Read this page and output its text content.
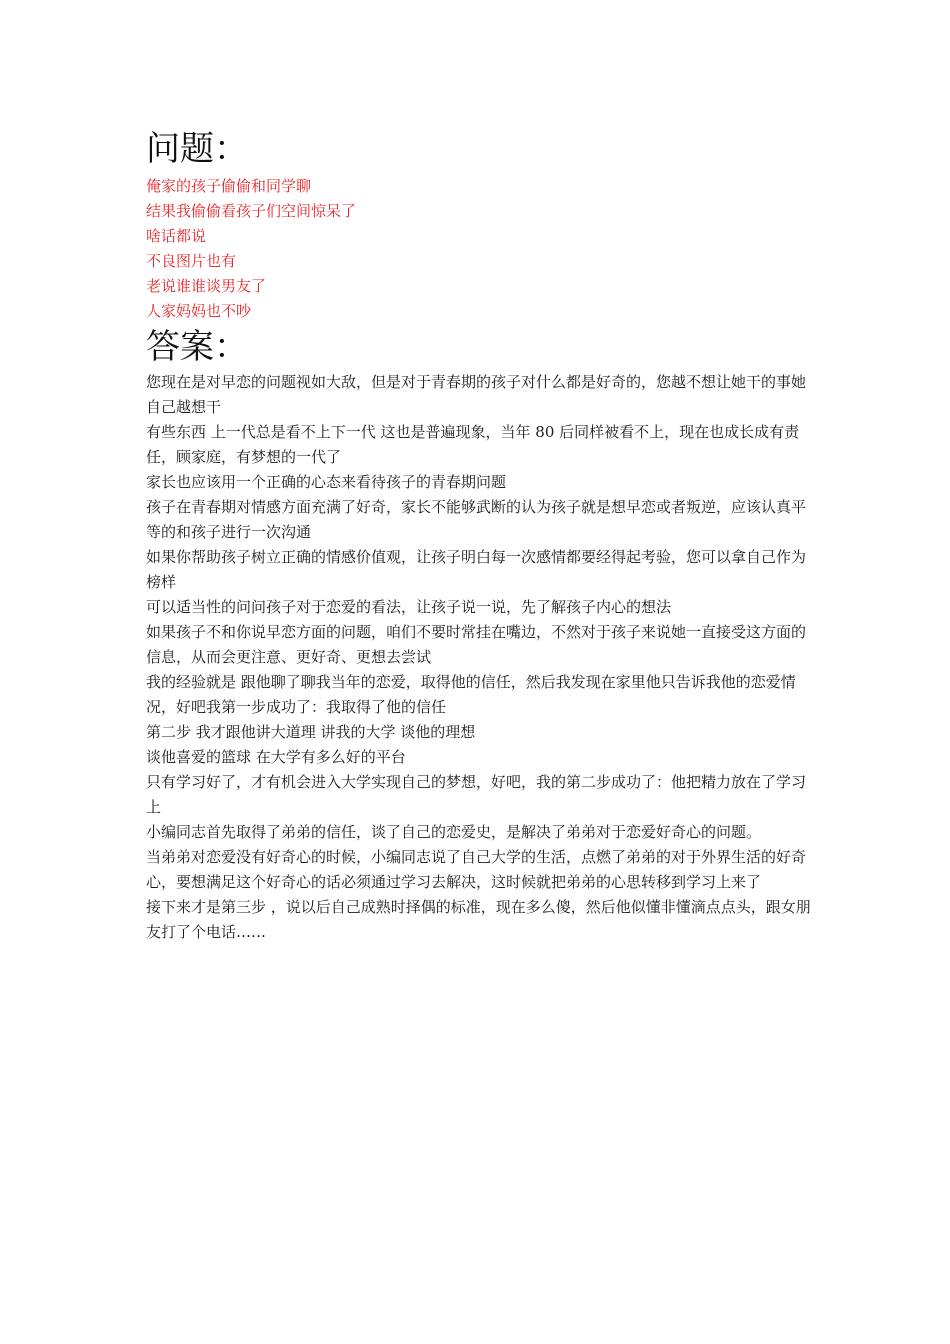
问题：

俺家的孩子偷偷和同学聊

结果我偷偷看孩子们空间惊呆了

啥话都说

不良图片也有

老说谁谁谈男友了

人家妈妈也不吵

答案：

您现在是对早恋的问题视如大敌，但是对于青春期的孩子对什么都是好奇的，您越不想让她干的事她自己越想干

有些东西 上一代总是看不上下一代 这也是普遍现象，当年 80 后同样被看不上，现在也成长成有责任，顾家庭，有梦想的一代了

家长也应该用一个正确的心态来看待孩子的青春期问题

孩子在青春期对情感方面充满了好奇，家长不能够武断的认为孩子就是想早恋或者叛逆，应该认真平等的和孩子进行一次沟通

如果你帮助孩子树立正确的情感价值观，让孩子明白每一次感情都要经得起考验，您可以拿自己作为榜样

可以适当性的问问孩子对于恋爱的看法，让孩子说一说，先了解孩子内心的想法

如果孩子不和你说早恋方面的问题，咱们不要时常挂在嘴边，不然对于孩子来说她一直接受这方面的信息，从而会更注意、更好奇、更想去尝试

我的经验就是 跟他聊了聊我当年的恋爱，取得他的信任，然后我发现在家里他只告诉我他的恋爱情况，好吧我第一步成功了：我取得了他的信任

第二步 我才跟他讲大道理 讲我的大学 谈他的理想

谈他喜爱的篮球 在大学有多么好的平台

只有学习好了，才有机会进入大学实现自己的梦想，好吧，我的第二步成功了：他把精力放在了学习上

小编同志首先取得了弟弟的信任，谈了自己的恋爱史，是解决了弟弟对于恋爱好奇心的问题。

当弟弟对恋爱没有好奇心的时候，小编同志说了自己大学的生活，点燃了弟弟的对于外界生活的好奇心，要想满足这个好奇心的话必须通过学习去解决，这时候就把弟弟的心思转移到学习上来了

接下来才是第三步 ，说以后自己成熟时择偶的标准，现在多么傻，然后他似懂非懂滴点点头，跟女朋友打了个电话……
